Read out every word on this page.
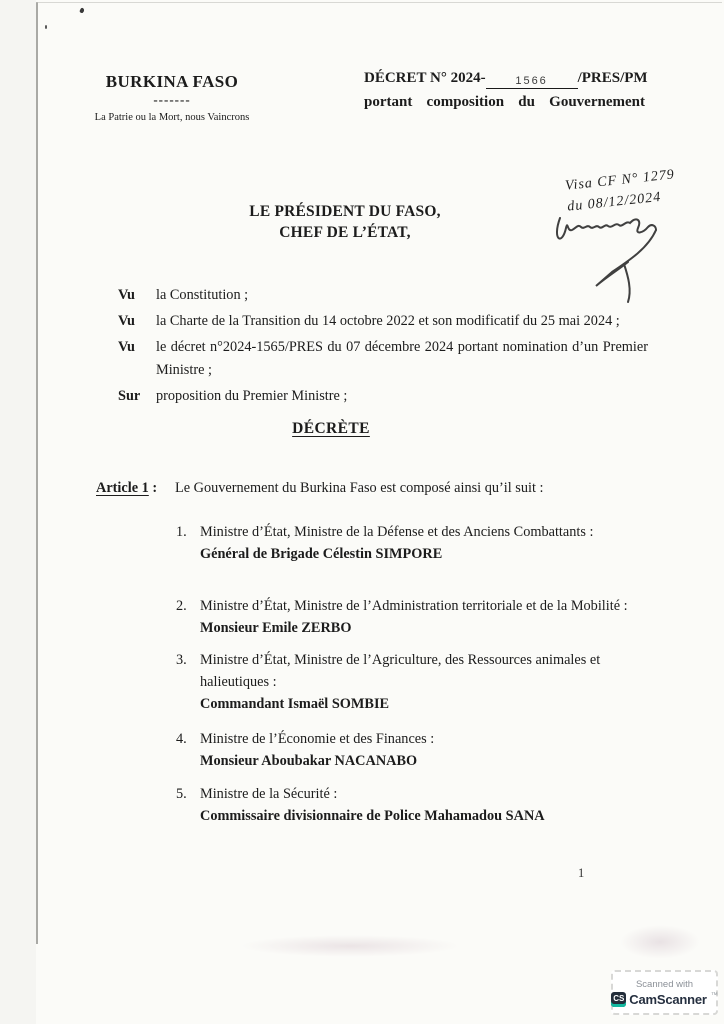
BURKINA FASO
-------
La Patrie ou la Mort, nous Vaincrons
DÉCRET N° 2024-	1566 /PRES/PM
portant composition du Gouvernement
Visa CF N° 1279
du 08/12/2024
LE PRÉSIDENT DU FASO,
CHEF DE L’ÉTAT,
Vu	la Constitution ;
Vu	la Charte de la Transition du 14 octobre 2022 et son modificatif du 25 mai 2024 ;
Vu	le décret n°2024-1565/PRES du 07 décembre 2024 portant nomination d’un Premier Ministre ;
Sur	proposition du Premier Ministre ;
DÉCRÈTE
Article 1 :	Le Gouvernement du Burkina Faso est composé ainsi qu’il suit :
1. Ministre d’État, Ministre de la Défense et des Anciens Combattants :
Général de Brigade Célestin SIMPORE
2. Ministre d’État, Ministre de l’Administration territoriale et de la Mobilité :
Monsieur Emile ZERBO
3. Ministre d’État, Ministre de l’Agriculture, des Ressources animales et halieutiques :
Commandant Ismaël SOMBIE
4. Ministre de l’Économie et des Finances :
Monsieur Aboubakar NACANABO
5. Ministre de la Sécurité :
Commissaire divisionnaire de Police Mahamadou SANA
1
Scanned with
CS CamScanner ™
